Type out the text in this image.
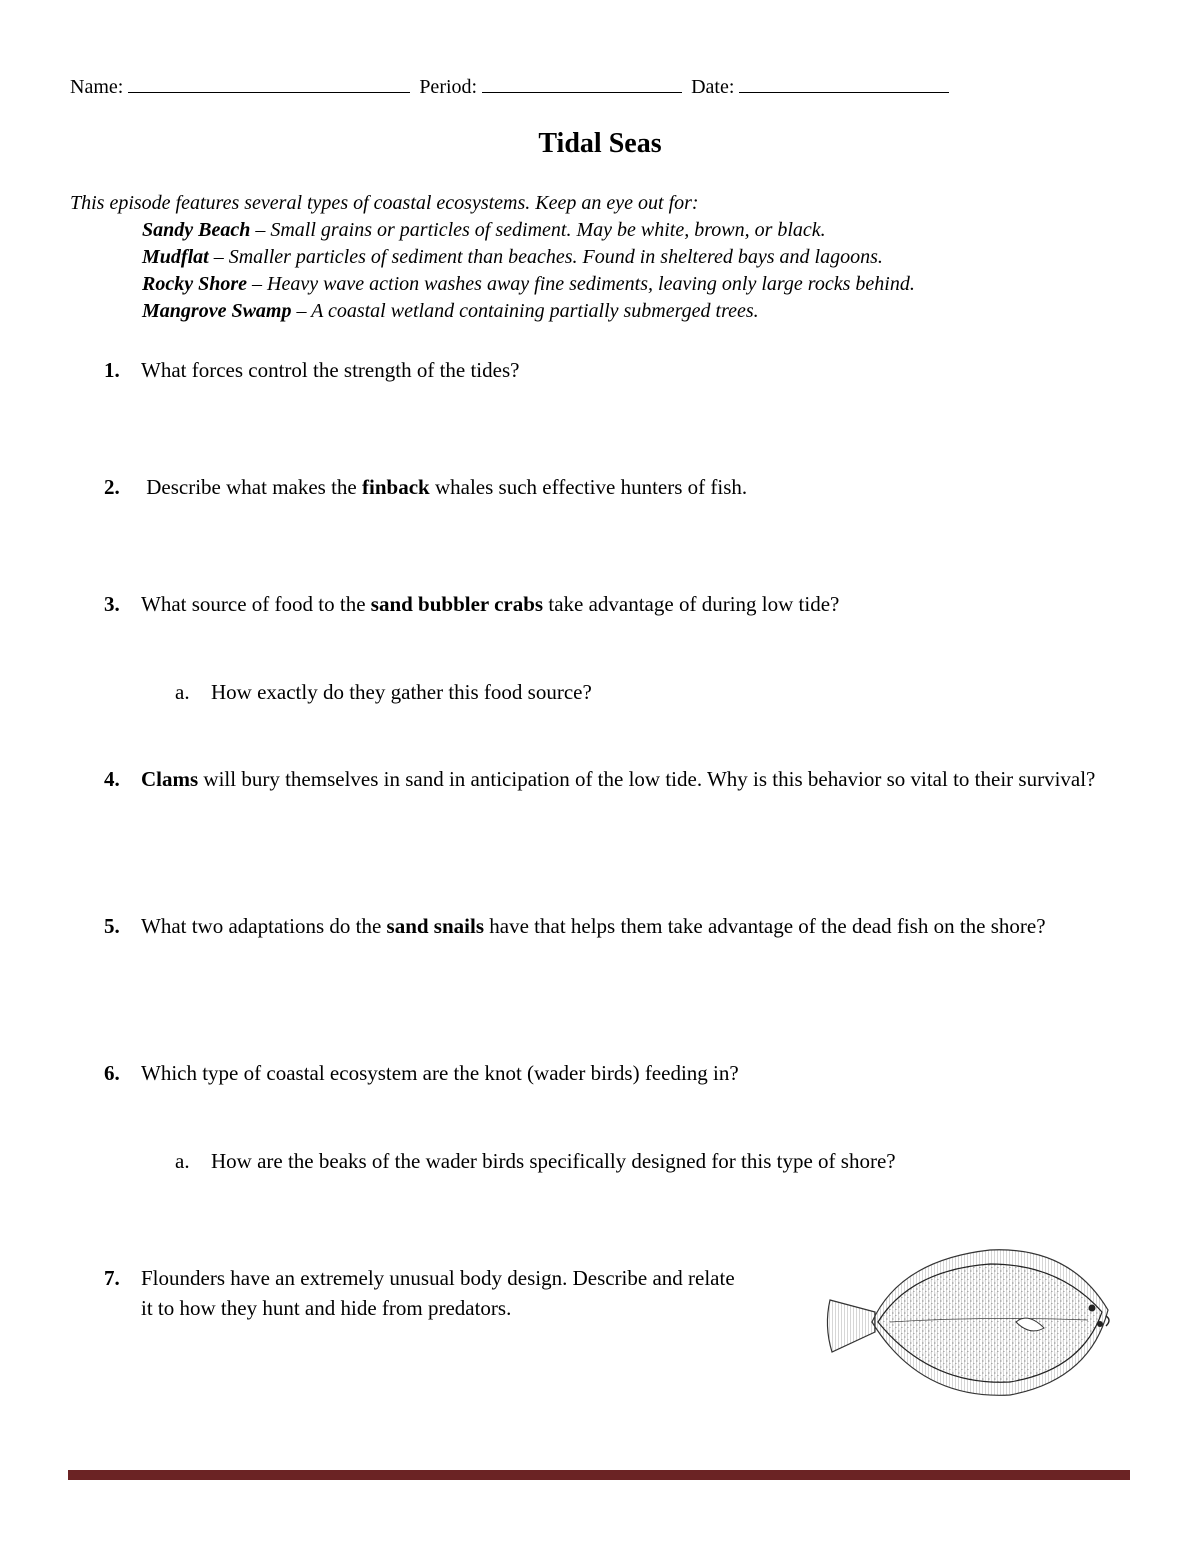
Name:	Period:	Date:
Tidal Seas
This episode features several types of coastal ecosystems. Keep an eye out for:
Sandy Beach – Small grains or particles of sediment. May be white, brown, or black.
Mudflat – Smaller particles of sediment than beaches. Found in sheltered bays and lagoons.
Rocky Shore – Heavy wave action washes away fine sediments, leaving only large rocks behind.
Mangrove Swamp – A coastal wetland containing partially submerged trees.
1. What forces control the strength of the tides?
2. Describe what makes the finback whales such effective hunters of fish.
3. What source of food to the sand bubbler crabs take advantage of during low tide?
a. How exactly do they gather this food source?
4. Clams will bury themselves in sand in anticipation of the low tide. Why is this behavior so vital to their survival?
5. What two adaptations do the sand snails have that helps them take advantage of the dead fish on the shore?
6. Which type of coastal ecosystem are the knot (wader birds) feeding in?
a. How are the beaks of the wader birds specifically designed for this type of shore?
7. Flounders have an extremely unusual body design. Describe and relate it to how they hunt and hide from predators.
